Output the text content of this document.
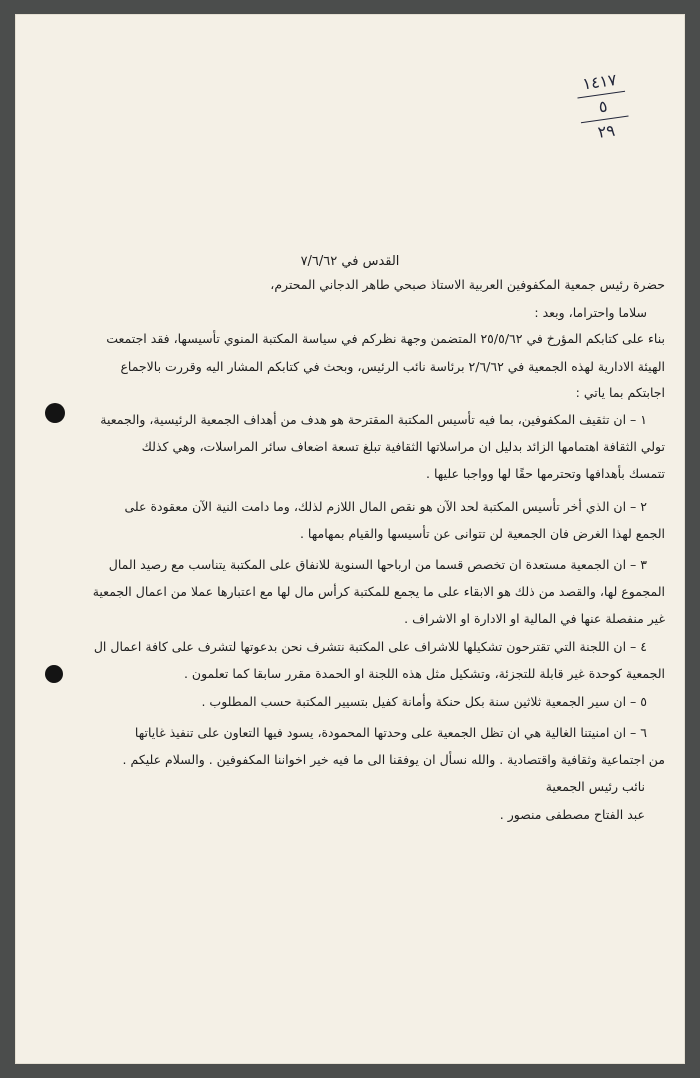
١٤١٧
٥
٢٩
القدس في ٧/٦/٦٢
حضرة رئيس جمعية المكفوفين العربية الاستاذ صبحي طاهر الدجاني المحترم،
سلاما واحتراما، وبعد :
بناء على كتابكم المؤرخ في ٢٥/٥/٦٢ المتضمن وجهة نظركم في سياسة المكتبة المنوي تأسيسها، فقد اجتمعت
الهيئة الادارية لهذه الجمعية في ٢/٦/٦٢ برئاسة نائب الرئيس، وبحث في كتابكم المشار اليه وقررت بالاجماع
اجابتكم بما ياتي :
١ – ان تثقيف المكفوفين، بما فيه تأسيس المكتبة المقترحة هو هدف من أهداف الجمعية الرئيسية، والجمعية
تولي الثقافة اهتمامها الزائد بدليل ان مراسلاتها الثقافية تبلغ تسعة اضعاف سائر المراسلات، وهي كذلك
تتمسك بأهدافها وتحترمها حقًا لها وواجبا عليها .
٢ – ان الذي أخر تأسيس المكتبة لحد الآن هو نقص المال اللازم لذلك، وما دامت النية الآن معقودة على
الجمع لهذا الغرض فان الجمعية لن تتوانى عن تأسيسها والقيام بمهامها .
٣ – ان الجمعية مستعدة ان تخصص قسما من ارباحها السنوية للانفاق على المكتبة يتناسب مع رصيد المال
المجموع لها، والقصد من ذلك هو الابقاء على ما يجمع للمكتبة كرأس مال لها مع اعتبارها عملا من اعمال الجمعية
غير منفصلة عنها في المالية او الادارة او الاشراف .
٤ – ان اللجنة التي تقترحون تشكيلها للاشراف على المكتبة نتشرف نحن بدعوتها لتشرف على كافة اعمال ال
الجمعية كوحدة غير قابلة للتجزئة، وتشكيل مثل هذه اللجنة او الحمدة مقرر سابقا كما تعلمون .
٥ – ان سير الجمعية ثلاثين سنة بكل حنكة وأمانة كفيل بتسيير المكتبة حسب المطلوب .
٦ – ان امنيتنا الغالية هي ان تظل الجمعية على وحدتها المحمودة، يسود فيها التعاون على تنفيذ غاياتها
من اجتماعية وثقافية واقتصادية . والله نسأل ان يوفقنا الى ما فيه خير اخواننا المكفوفين . والسلام عليكم .
نائب رئيس الجمعية
عبد الفتاح مصطفى منصور .
